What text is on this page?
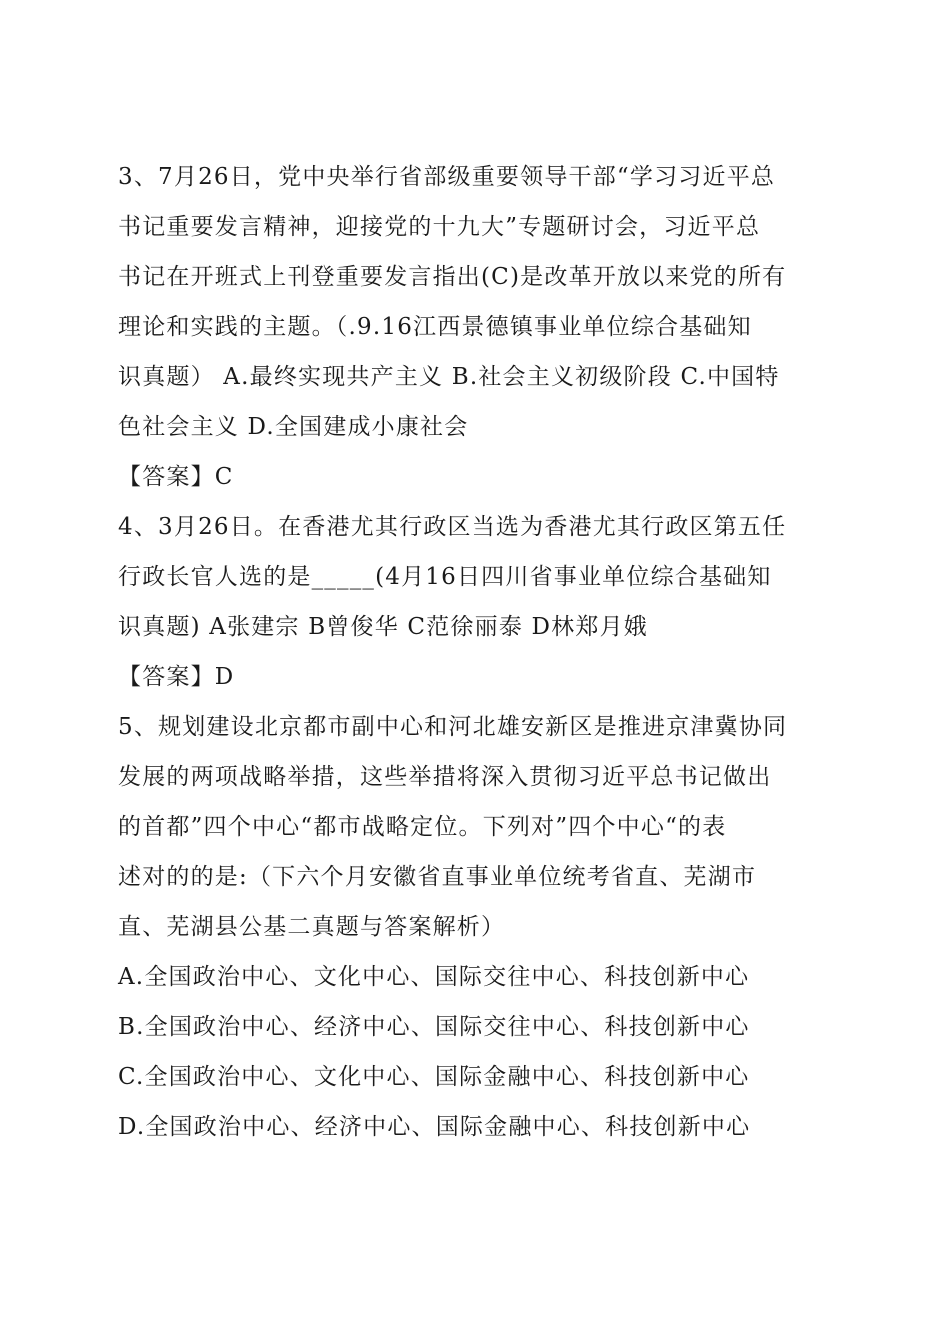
3、7月26日，党中央举行省部级重要领导干部“学习习近平总
书记重要发言精神，迎接党的十九大”专题研讨会，习近平总
书记在开班式上刊登重要发言指出(C)是改革开放以来党的所有
理论和实践的主题。（.9.16江西景德镇事业单位综合基础知
识真题） A.最终实现共产主义 B.社会主义初级阶段 C.中国特
色社会主义 D.全国建成小康社会
【答案】C
4、3月26日。在香港尤其行政区当选为香港尤其行政区第五任
行政长官人选的是_____(4月16日四川省事业单位综合基础知
识真题) A张建宗 B曾俊华 C范徐丽泰 D林郑月娥
【答案】D
5、规划建设北京都市副中心和河北雄安新区是推进京津冀协同
发展的两项战略举措，这些举措将深入贯彻习近平总书记做出
的首都”四个中心“都市战略定位。下列对”四个中心“的表
述对的的是:（下六个月安徽省直事业单位统考省直、芜湖市
直、芜湖县公基二真题与答案解析）
A.全国政治中心、文化中心、国际交往中心、科技创新中心
B.全国政治中心、经济中心、国际交往中心、科技创新中心
C.全国政治中心、文化中心、国际金融中心、科技创新中心
D.全国政治中心、经济中心、国际金融中心、科技创新中心
